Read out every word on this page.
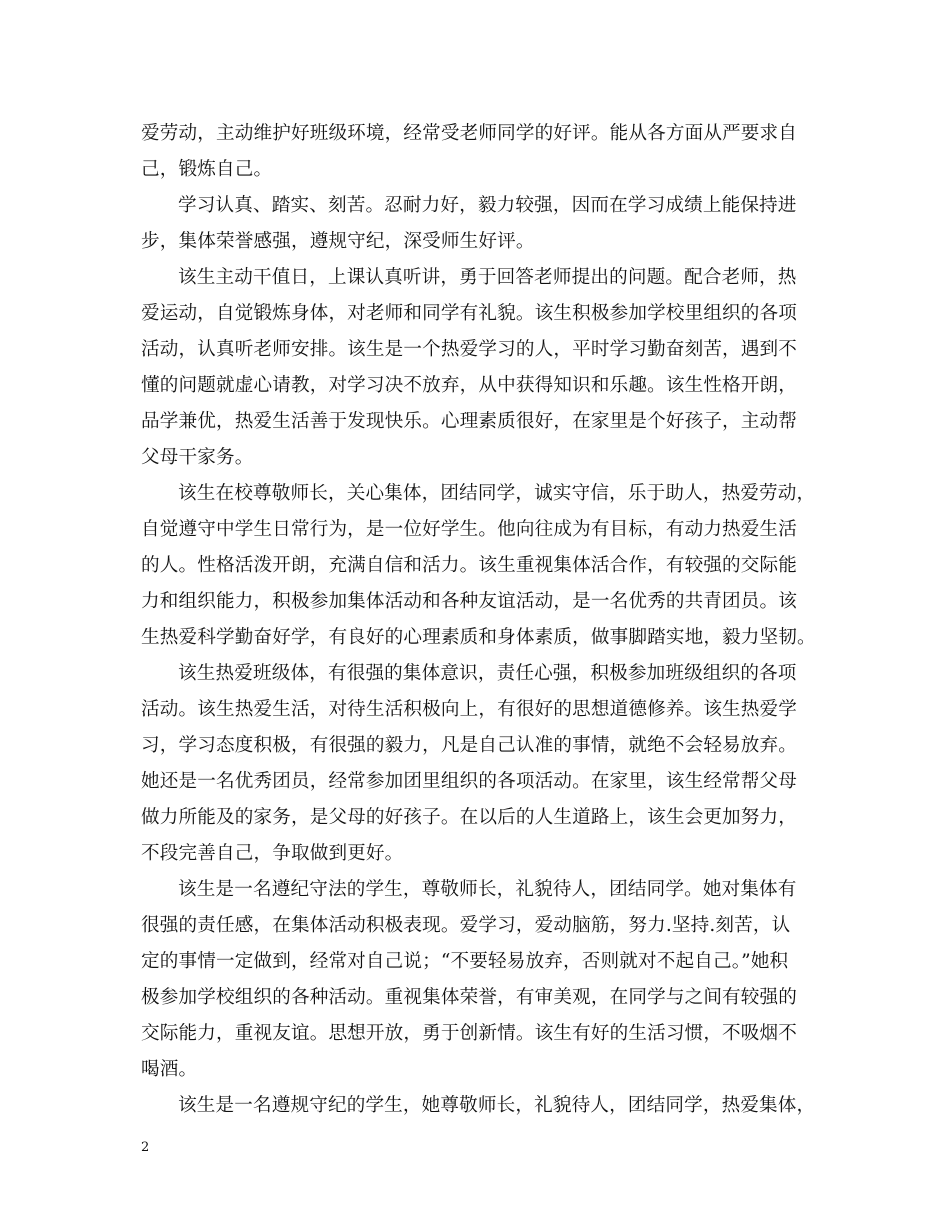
爱劳动，主动维护好班级环境，经常受老师同学的好评。能从各方面从严要求自
己，锻炼自己。
学习认真、踏实、刻苦。忍耐力好，毅力较强，因而在学习成绩上能保持进
步，集体荣誉感强，遵规守纪，深受师生好评。
该生主动干值日，上课认真听讲，勇于回答老师提出的问题。配合老师，热
爱运动，自觉锻炼身体，对老师和同学有礼貌。该生积极参加学校里组织的各项
活动，认真听老师安排。该生是一个热爱学习的人，平时学习勤奋刻苦，遇到不
懂的问题就虚心请教，对学习决不放弃，从中获得知识和乐趣。该生性格开朗，
品学兼优，热爱生活善于发现快乐。心理素质很好，在家里是个好孩子，主动帮
父母干家务。
该生在校尊敬师长，关心集体，团结同学，诚实守信，乐于助人，热爱劳动，
自觉遵守中学生日常行为，是一位好学生。他向往成为有目标，有动力热爱生活
的人。性格活泼开朗，充满自信和活力。该生重视集体活合作，有较强的交际能
力和组织能力，积极参加集体活动和各种友谊活动，是一名优秀的共青团员。该
生热爱科学勤奋好学，有良好的心理素质和身体素质，做事脚踏实地，毅力坚韧。
该生热爱班级体，有很强的集体意识，责任心强，积极参加班级组织的各项
活动。该生热爱生活，对待生活积极向上，有很好的思想道德修养。该生热爱学
习，学习态度积极，有很强的毅力，凡是自己认准的事情，就绝不会轻易放弃。
她还是一名优秀团员，经常参加团里组织的各项活动。在家里，该生经常帮父母
做力所能及的家务，是父母的好孩子。在以后的人生道路上，该生会更加努力，
不段完善自己，争取做到更好。
该生是一名遵纪守法的学生，尊敬师长，礼貌待人，团结同学。她对集体有
很强的责任感，在集体活动积极表现。爱学习，爱动脑筋，努力.坚持.刻苦，认
定的事情一定做到，经常对自己说；“不要轻易放弃，否则就对不起自己。”她积
极参加学校组织的各种活动。重视集体荣誉，有审美观，在同学与之间有较强的
交际能力，重视友谊。思想开放，勇于创新情。该生有好的生活习惯，不吸烟不
喝酒。
该生是一名遵规守纪的学生，她尊敬师长，礼貌待人，团结同学，热爱集体，
2
